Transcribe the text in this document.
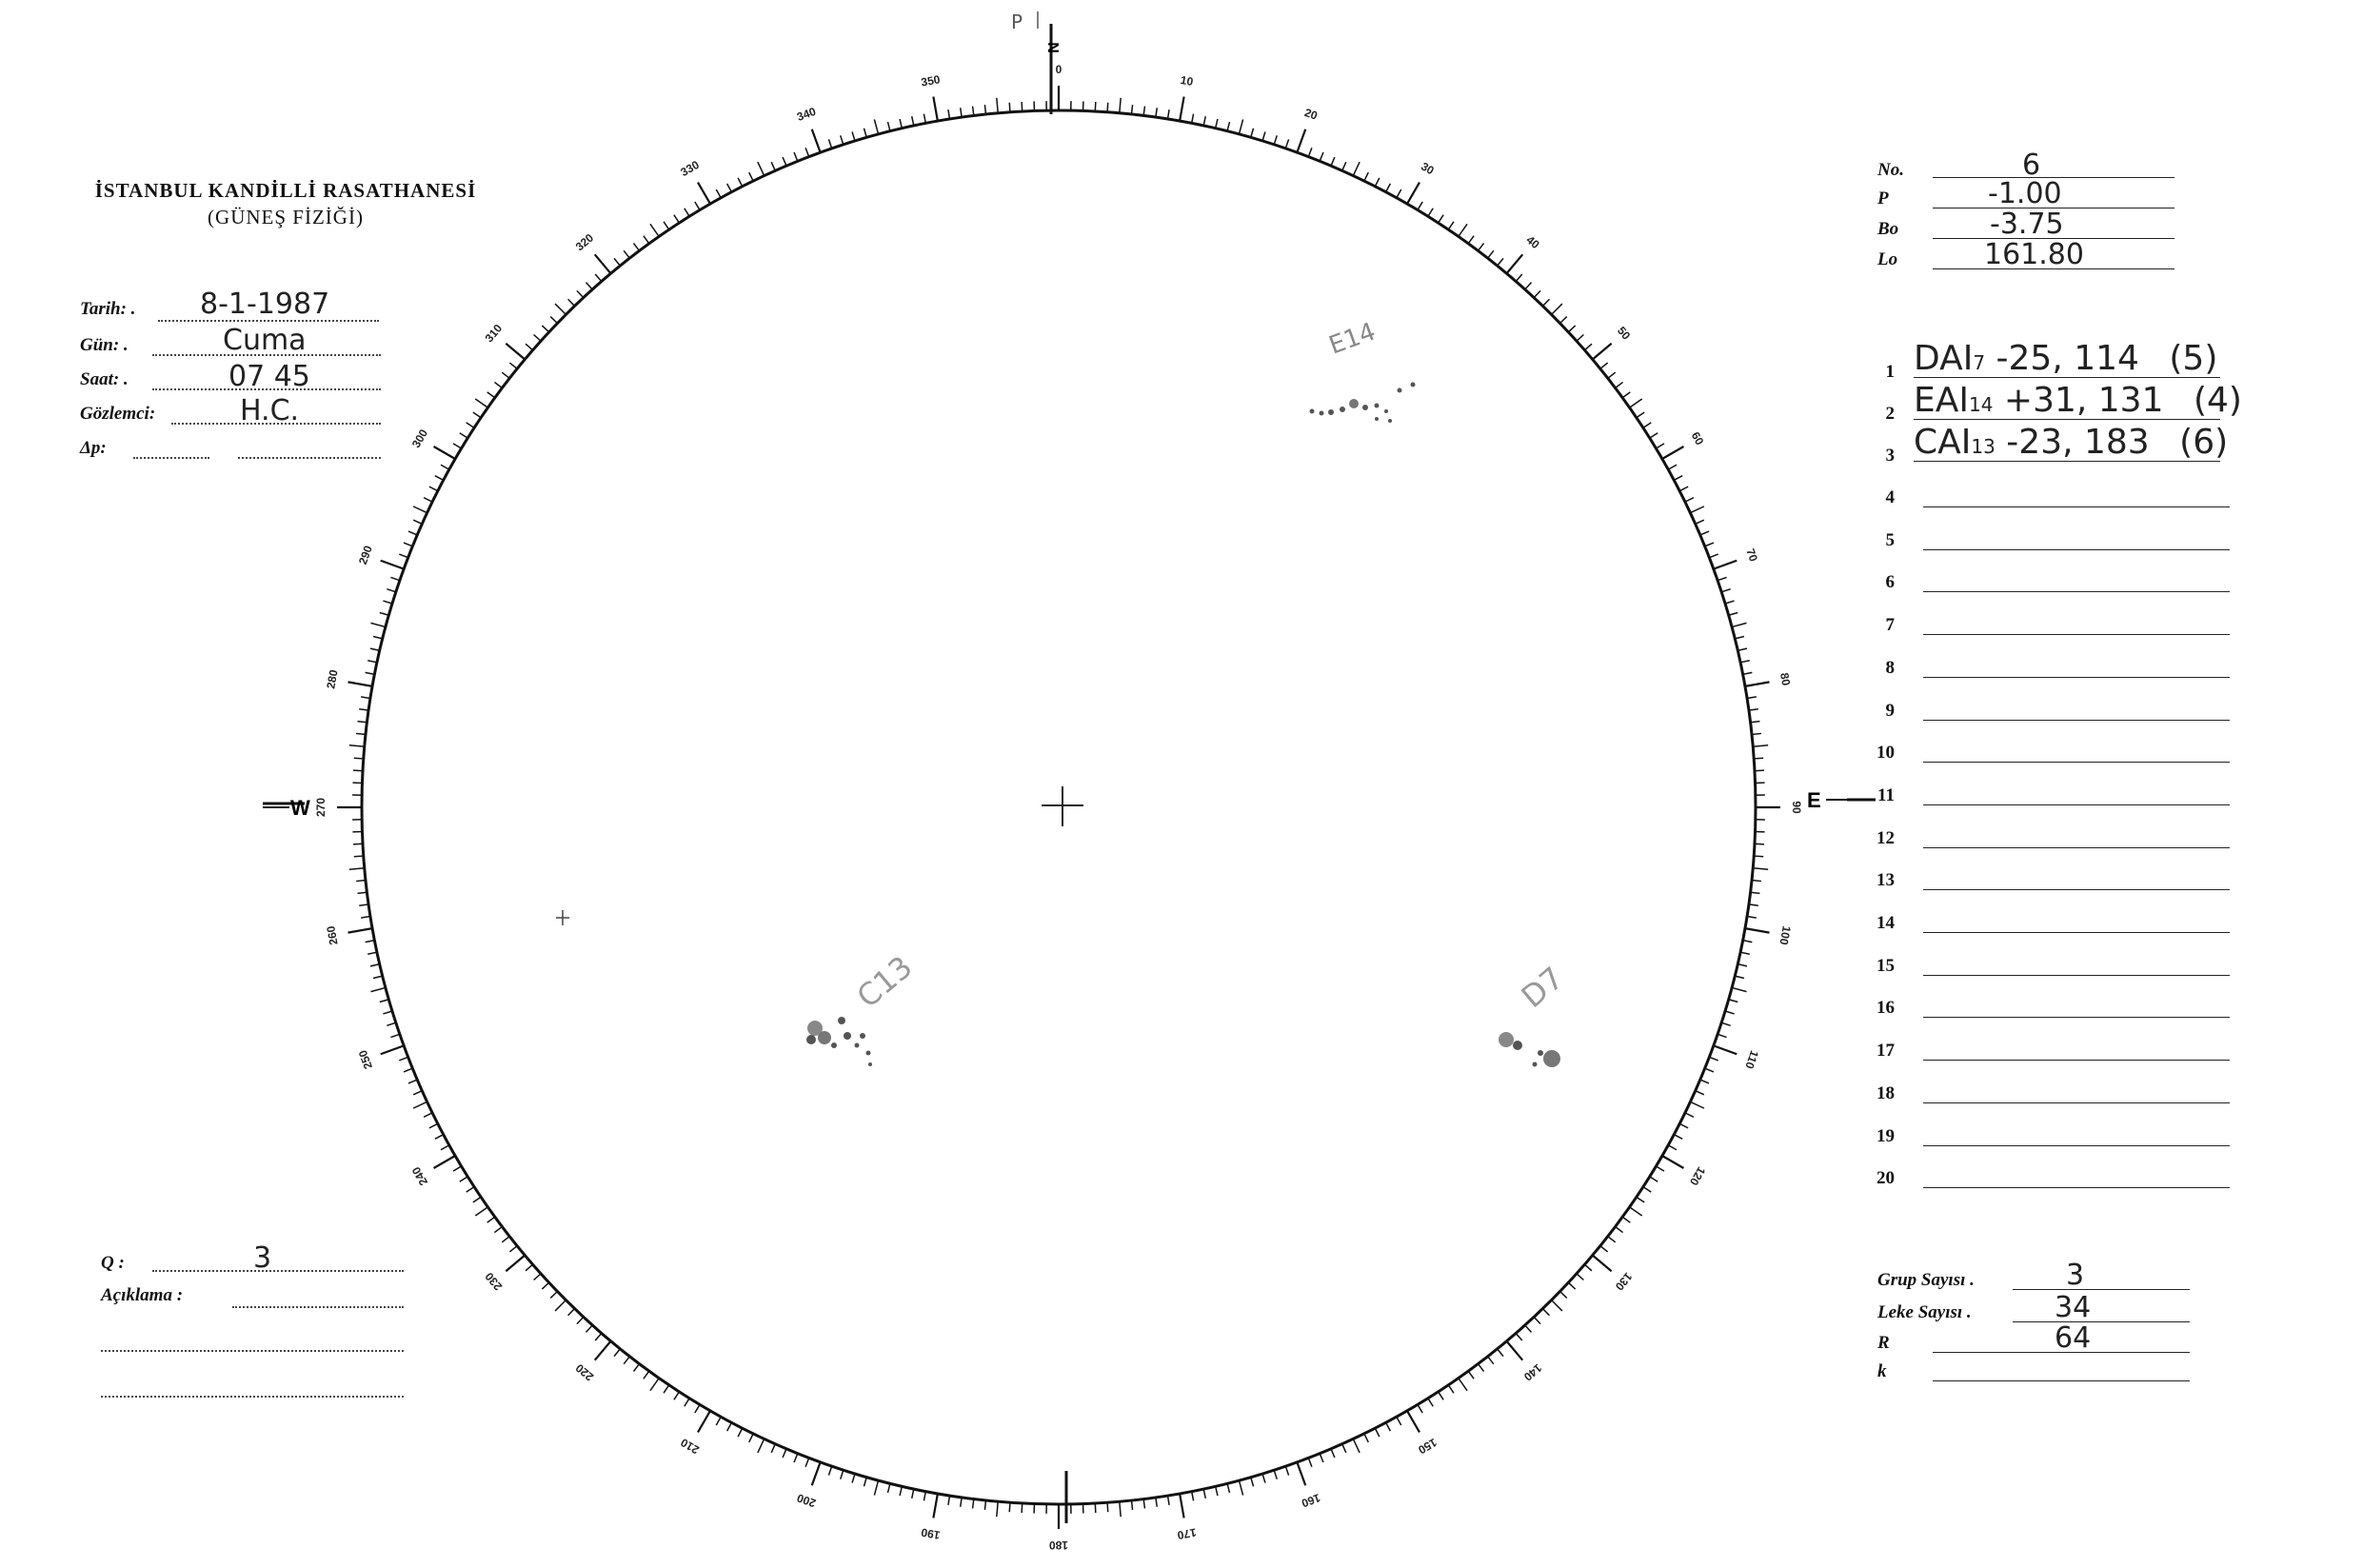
0
10
20
30
40
50
60
70
80
90
100
110
120
130
140
150
160
170
180
190
200
210
220
230
240
250
260
270
280
290
300
310
320
330
340
350
N
E
W
P
E14
C13	D7
İSTANBUL KANDİLLİ RASATHANESİ
(GÜNEŞ FİZİĞİ)
Tarih: . 8-1-1987
Gün: .	Cuma
Saat: .	07 45
Gözlemci:	H.C.
Δp:
No.	6
P	-1.00
Bo	-3.75
Lo	161.80
1 DAI7 -25, 114 (5)
2 EAI14 +31, 131 (4)
3 CAI13 -23, 183 (6)
4
5
6
7
8
9
10
11
12
13
14
15
16
17
18
19
20
Grup Sayısı .	3
Leke Sayısı .	34
R	64
k
Q :	3
Açıklama :
